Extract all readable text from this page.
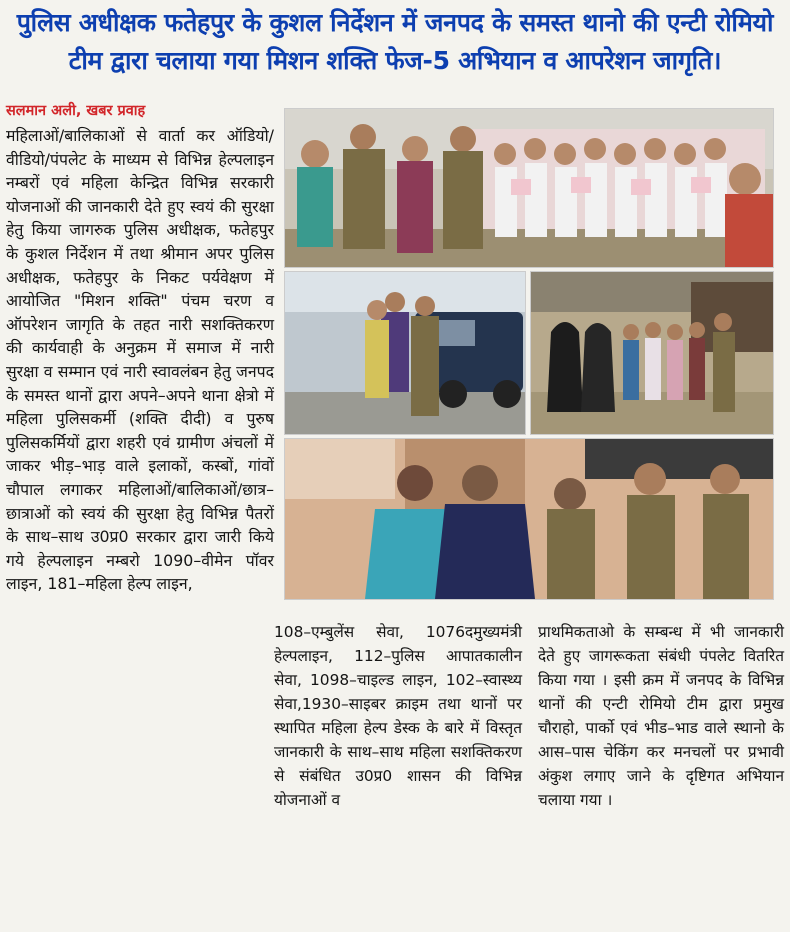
पुलिस अधीक्षक फतेहपुर के कुशल निर्देशन में जनपद के समस्त थानो की एन्टी रोमियो
टीम द्वारा चलाया गया मिशन शक्ति फेज-5 अभियान व आपरेशन जागृति।
सलमान अली, खबर प्रवाह

महिलाओं/बालिकाओं से वार्ता कर ऑडियो/वीडियो/पंपलेट के माध्यम से विभिन्न हेल्पलाइन नम्बरों एवं महिला केन्द्रित विभिन्न सरकारी योजनाओं की जानकारी देते हुए स्वयं की सुरक्षा हेतु किया जागरुक पुलिस अधीक्षक, फतेहपुर के कुशल निर्देशन में तथा श्रीमान अपर पुलिस अधीक्षक, फतेहपुर के निकट पर्यवेक्षण में आयोजित "मिशन शक्ति" पंचम चरण व ऑपरेशन जागृति के तहत नारी सशक्तिकरण की कार्यवाही के अनुक्रम में समाज में नारी सुरक्षा व सम्मान एवं नारी स्वावलंबन हेतु जनपद के समस्त थानों द्वारा अपने–अपने थाना क्षेत्रो में महिला पुलिसकर्मी (शक्ति दीदी) व पुरुष पुलिसकर्मियों द्वारा शहरी एवं ग्रामीण अंचलों में जाकर भीड़–भाड़ वाले इलाकों, कस्बों, गांवों चौपाल लगाकर महिलाओं/बालिकाओं/छात्र–छात्राओं को स्वयं की सुरक्षा हेतु विभिन्न पैतरों के साथ–साथ उ0प्र0 सरकार द्वारा जारी किये गये हेल्पलाइन नम्बरो 1090–वीमेन पॉवर लाइन, 181–महिला हेल्प लाइन,

108–एम्बुलेंस सेवा, 1076दमुख्यमंत्री हेल्पलाइन, 112–पुलिस आपातकालीन सेवा, 1098–चाइल्ड लाइन, 102–स्वास्थ्य सेवा,1930–साइबर क्राइम तथा थानों पर स्थापित महिला हेल्प डेस्क के बारे में विस्तृत जानकारी के साथ–साथ महिला सशक्तिकरण से संबंधित उ0प्र0 शासन की विभिन्न योजनाओं व

प्राथमिकताओ के सम्बन्ध में भी जानकारी देते हुए जागरूकता संबंधी पंपलेट वितरित किया गया । इसी क्रम में जनपद के विभिन्न थानों की एन्टी रोमियो टीम द्वारा प्रमुख चौराहो, पार्को एवं भीड–भाड वाले स्थानो के आस–पास चेकिंग कर मनचलों पर प्रभावी अंकुश लगाए जाने के दृष्टिगत अभियान चलाया गया ।
